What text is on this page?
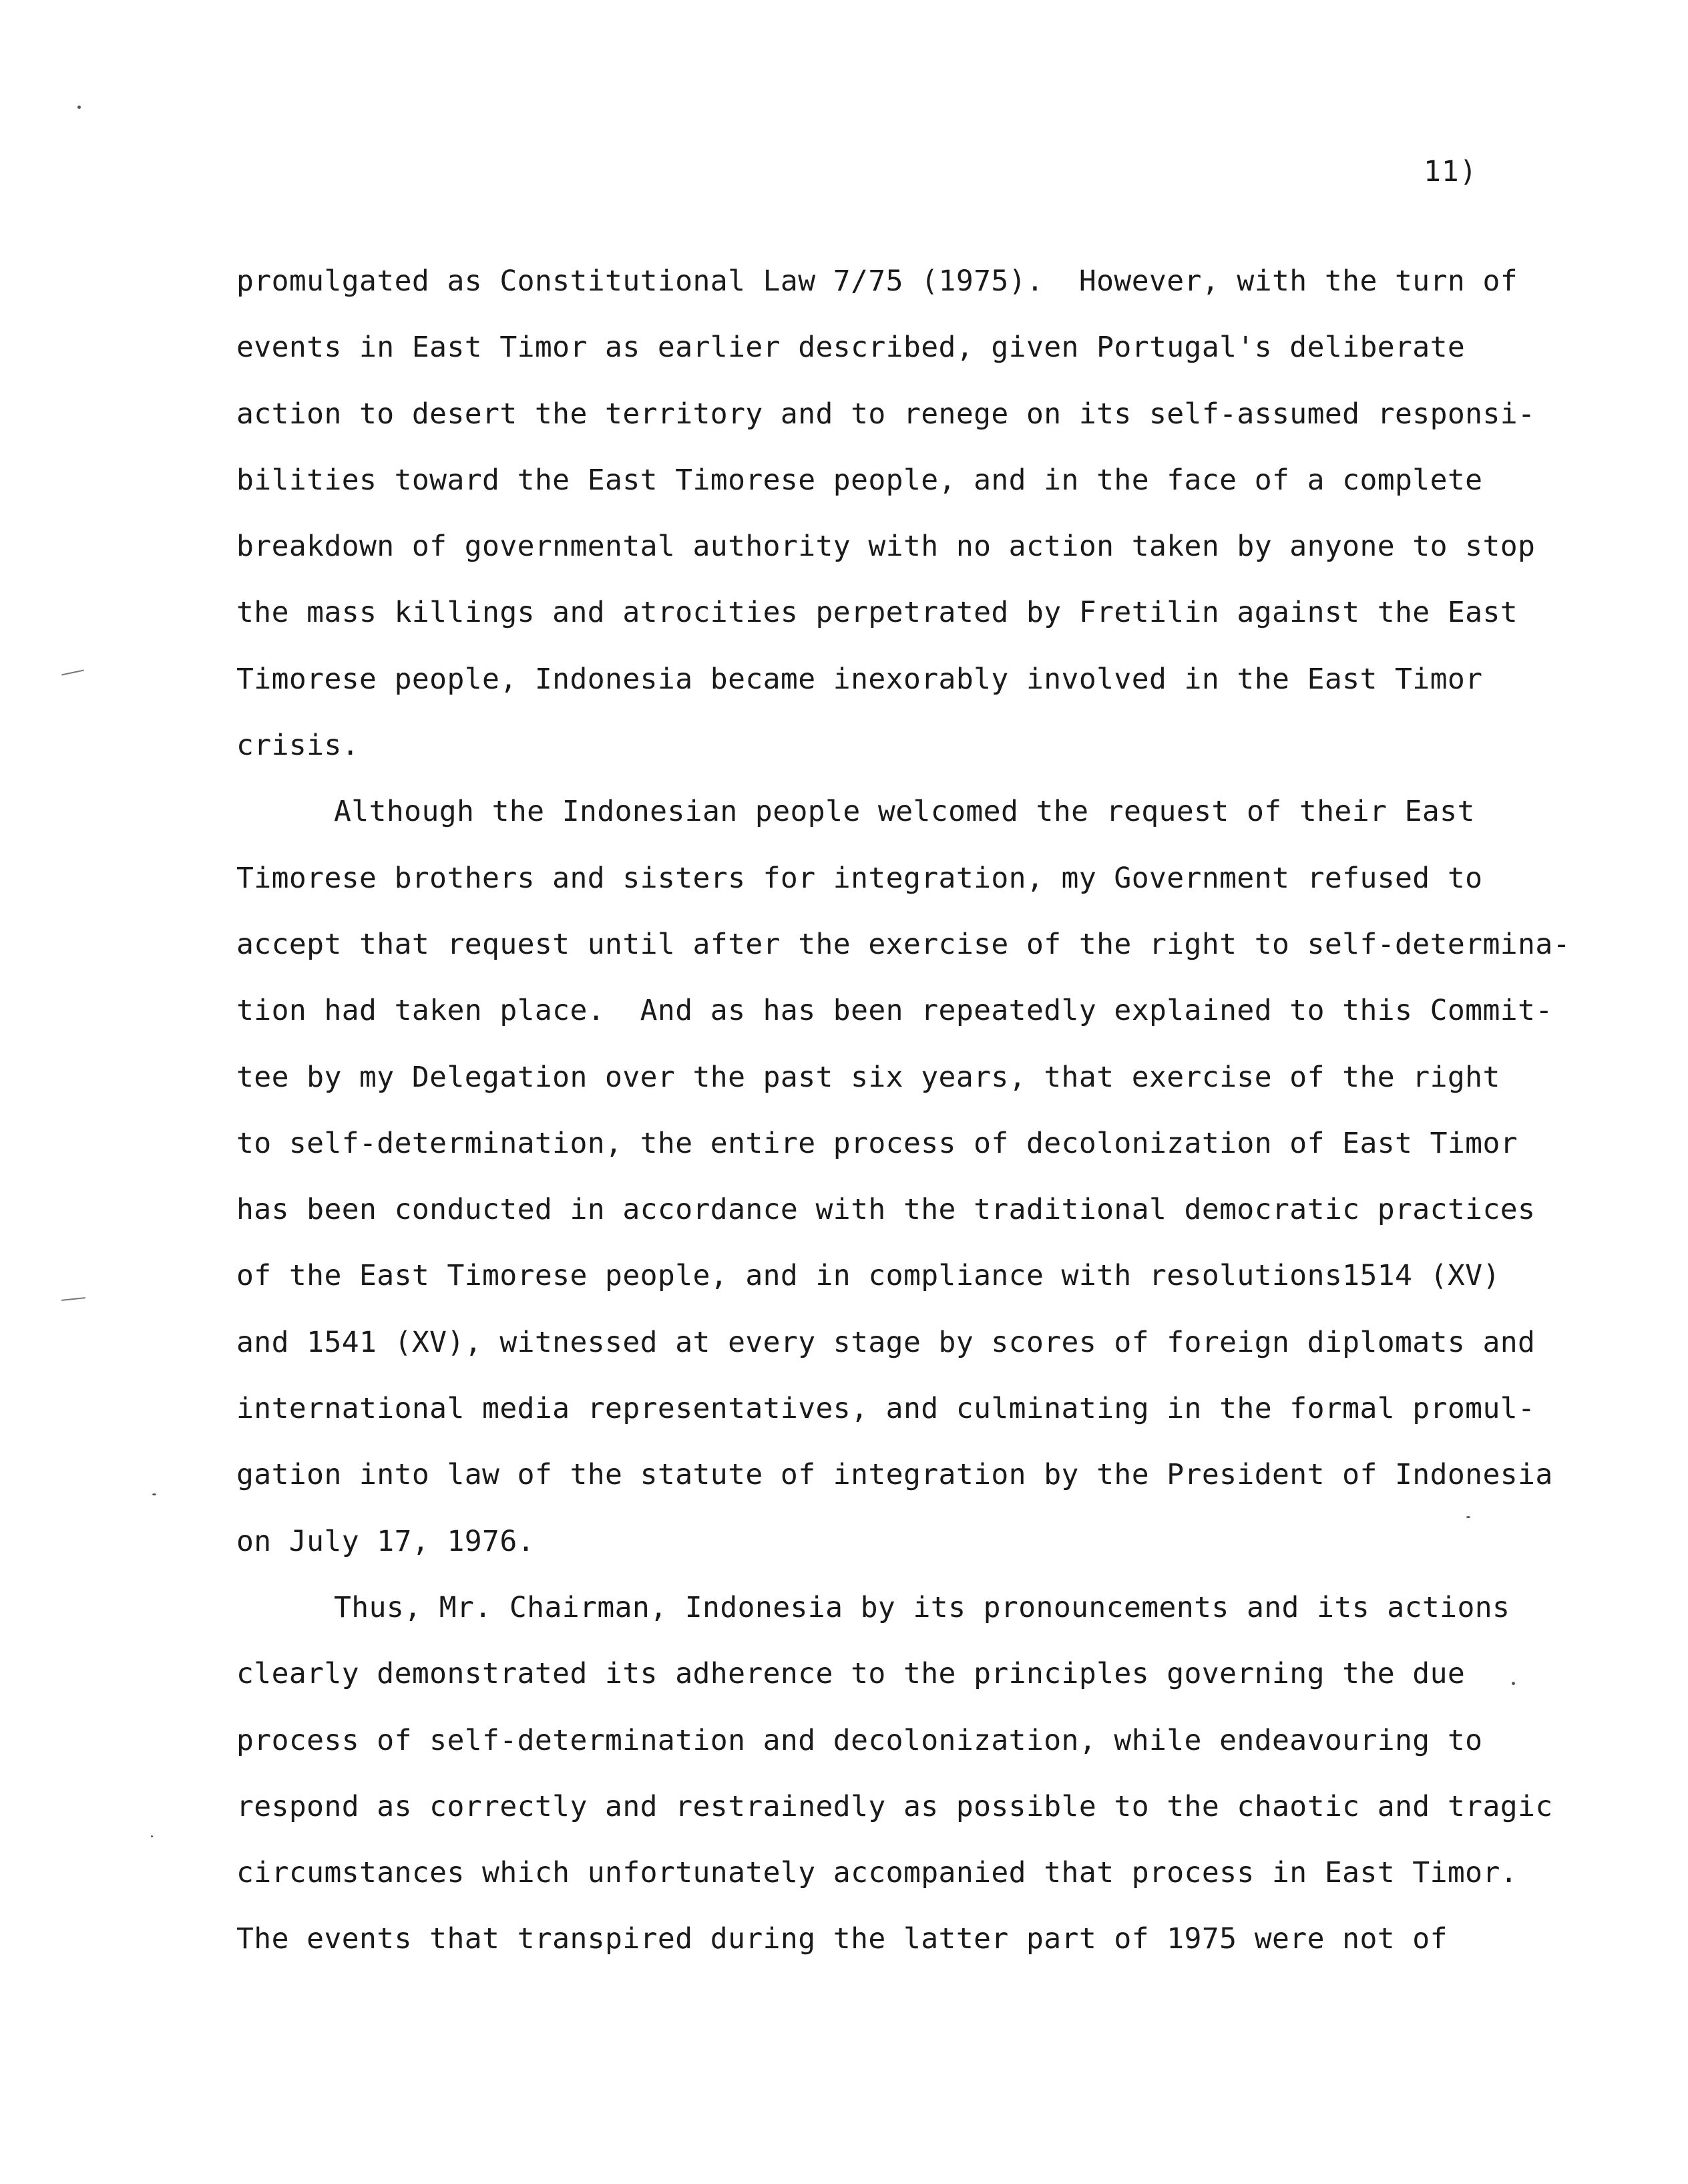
11)
promulgated as Constitutional Law 7/75 (1975).  However, with the turn of
events in East Timor as earlier described, given Portugal's deliberate
action to desert the territory and to renege on its self-assumed responsi-
bilities toward the East Timorese people, and in the face of a complete
breakdown of governmental authority with no action taken by anyone to stop
the mass killings and atrocities perpetrated by Fretilin against the East
Timorese people, Indonesia became inexorably involved in the East Timor
crisis.
Although the Indonesian people welcomed the request of their East
Timorese brothers and sisters for integration, my Government refused to
accept that request until after the exercise of the right to self-determina-
tion had taken place.  And as has been repeatedly explained to this Commit-
tee by my Delegation over the past six years, that exercise of the right
to self-determination, the entire process of decolonization of East Timor
has been conducted in accordance with the traditional democratic practices
of the East Timorese people, and in compliance with resolutions1514 (XV)
and 1541 (XV), witnessed at every stage by scores of foreign diplomats and
international media representatives, and culminating in the formal promul-
gation into law of the statute of integration by the President of Indonesia
on July 17, 1976.
Thus, Mr. Chairman, Indonesia by its pronouncements and its actions
clearly demonstrated its adherence to the principles governing the due
process of self-determination and decolonization, while endeavouring to
respond as correctly and restrainedly as possible to the chaotic and tragic
circumstances which unfortunately accompanied that process in East Timor.
The events that transpired during the latter part of 1975 were not of
